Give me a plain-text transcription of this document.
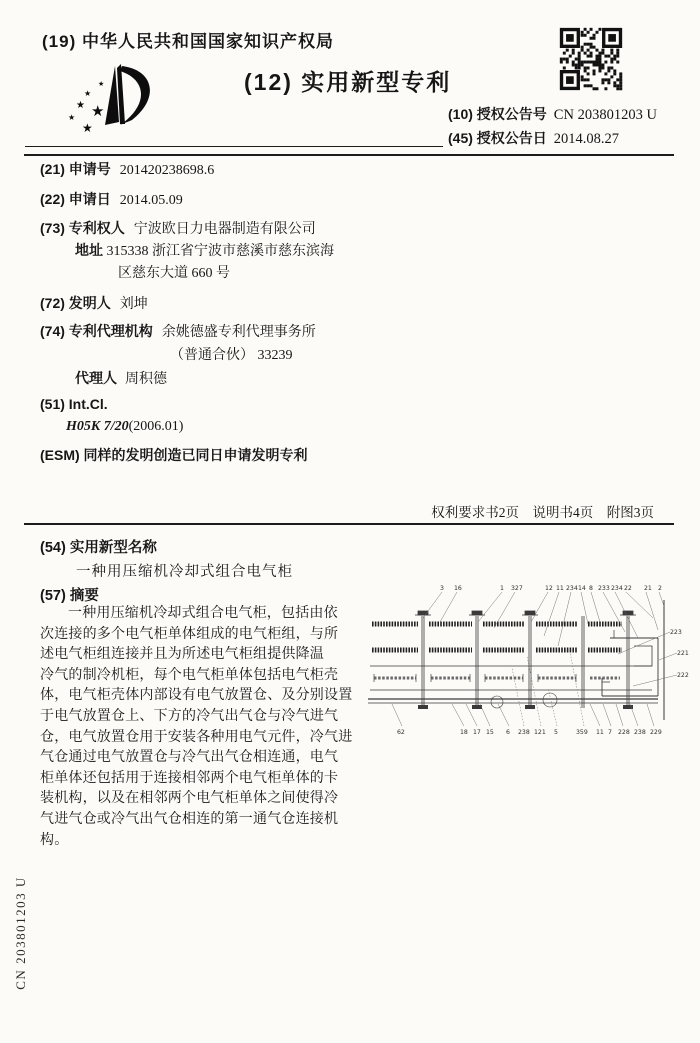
(19) 中华人民共和国国家知识产权局
★
★
★
★
★
★
(12) 实用新型专利
(10) 授权公告号 CN 203801203 U
(45) 授权公告日 2014.08.27
(21) 申请号 201420238698.6
(22) 申请日 2014.05.09
(73) 专利权人 宁波欧日力电器制造有限公司
地址 315338 浙江省宁波市慈溪市慈东滨海
区慈东大道 660 号
(72) 发明人 刘坤
(74) 专利代理机构 余姚德盛专利代理事务所
（普通合伙） 33239
代理人 周积德
(51) Int.Cl.
H05K 7/20(2006.01)
(ESM) 同样的发明创造已同日申请发明专利
权利要求书2页　说明书4页　附图3页
(54) 实用新型名称
一种用压缩机冷却式组合电气柜
(57) 摘要
一种用压缩机冷却式组合电气柜，包括由依
次连接的多个电气柜单体组成的电气柜组，与所
述电气柜组连接并且为所述电气柜组提供降温
冷气的制冷机柜，每个电气柜单体包括电气柜壳
体，电气柜壳体内部设有电气放置仓、及分别设置
于电气放置仓上、下方的冷气出气仓与冷气进气
仓，电气放置仓用于安装各种用电气元件，冷气进
气仓通过电气放置仓与冷气出气仓相连通，电气
柜单体还包括用于连接相邻两个电气柜单体的卡
装机构，以及在相邻两个电气柜单体之间使得冷
气进气仓或冷气出气仓相连的第一通气仓连接机
构。
3 16	1 327	12 11 234 14 8 233 234 22 21 2
223
221
222
62	18 17 15 6 238 121 5	359 11 7 228 238 229
CN 203801203 U
